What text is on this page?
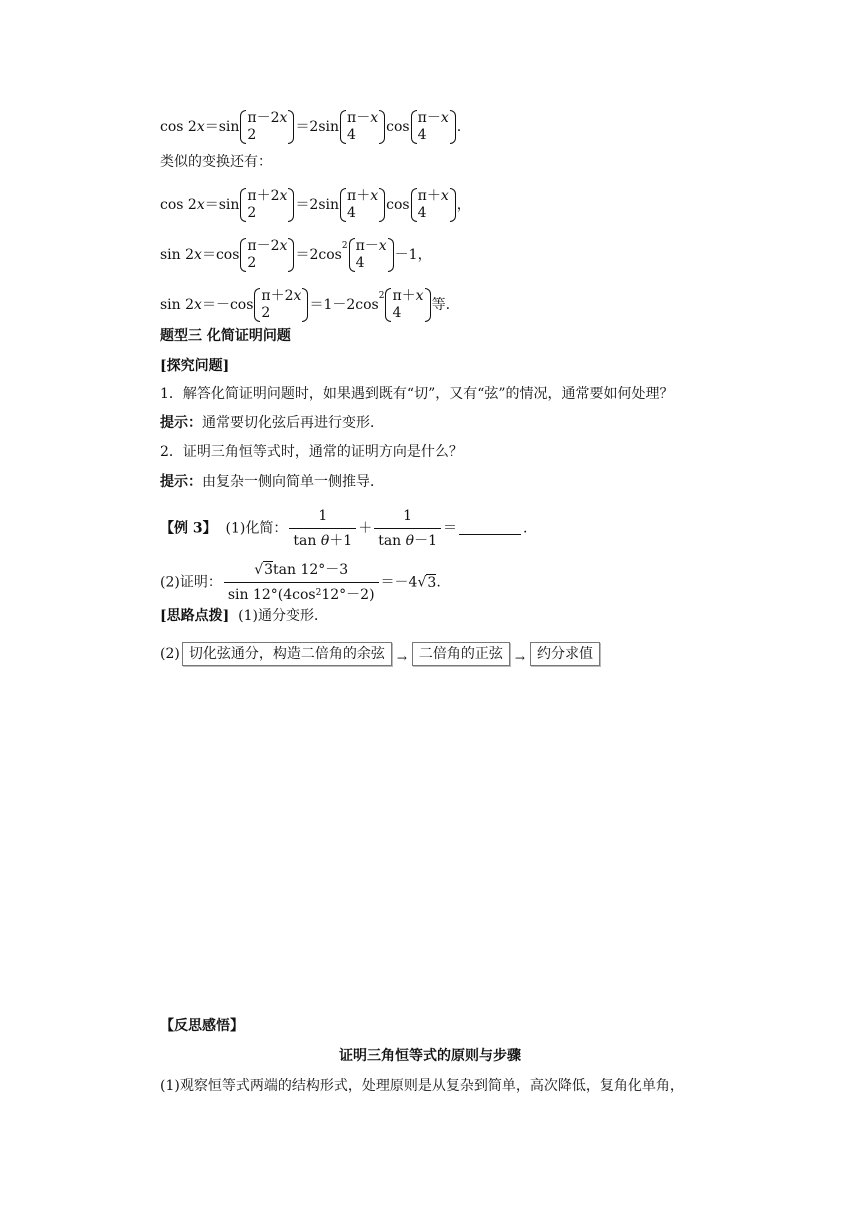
cos 2x＝sin
π－2x
2	＝2sin
π－x
4	cos
π－x
4	.
类似的变换还有：
cos 2x＝sin
π＋2x
2	＝2sin
π＋x
4	cos
π＋x
4	，
sin 2x＝cos
π－2x
2	$=2\cos^2$ π－x
4	－1，
sin 2x＝－cos
π＋2x
2	$=1-2\cos^2$ π＋x
4	等.
题型三 化简证明问题
[探究问题]
1．解答化简证明问题时，如果遇到既有“切”，又有“弦”的情况，通常要如何处理？
提示：通常要切化弦后再进行变形．
2．证明三角恒等式时，通常的证明方向是什么？
提示：由复杂一侧向简单一侧推导．
【例 3】 (1)化简： $\frac{1}{\text{tan θ＋1}} + \frac{1}{\text{tan θ－1}}$ ＝	.
(2)证明： $\frac{√3\tan 12^\circ-3}{\sin 12^\circ(4\cos^212^\circ-2)} =-4√3$.
[思路点拨] (1)通分变形．
(2) 切化弦通分，构造二倍角的余弦 → 二倍角的正弦 → 约分求值
【反思感悟】
证明三角恒等式的原则与步骤
(1)观察恒等式两端的结构形式，处理原则是从复杂到简单，高次降低，复角化单角，
